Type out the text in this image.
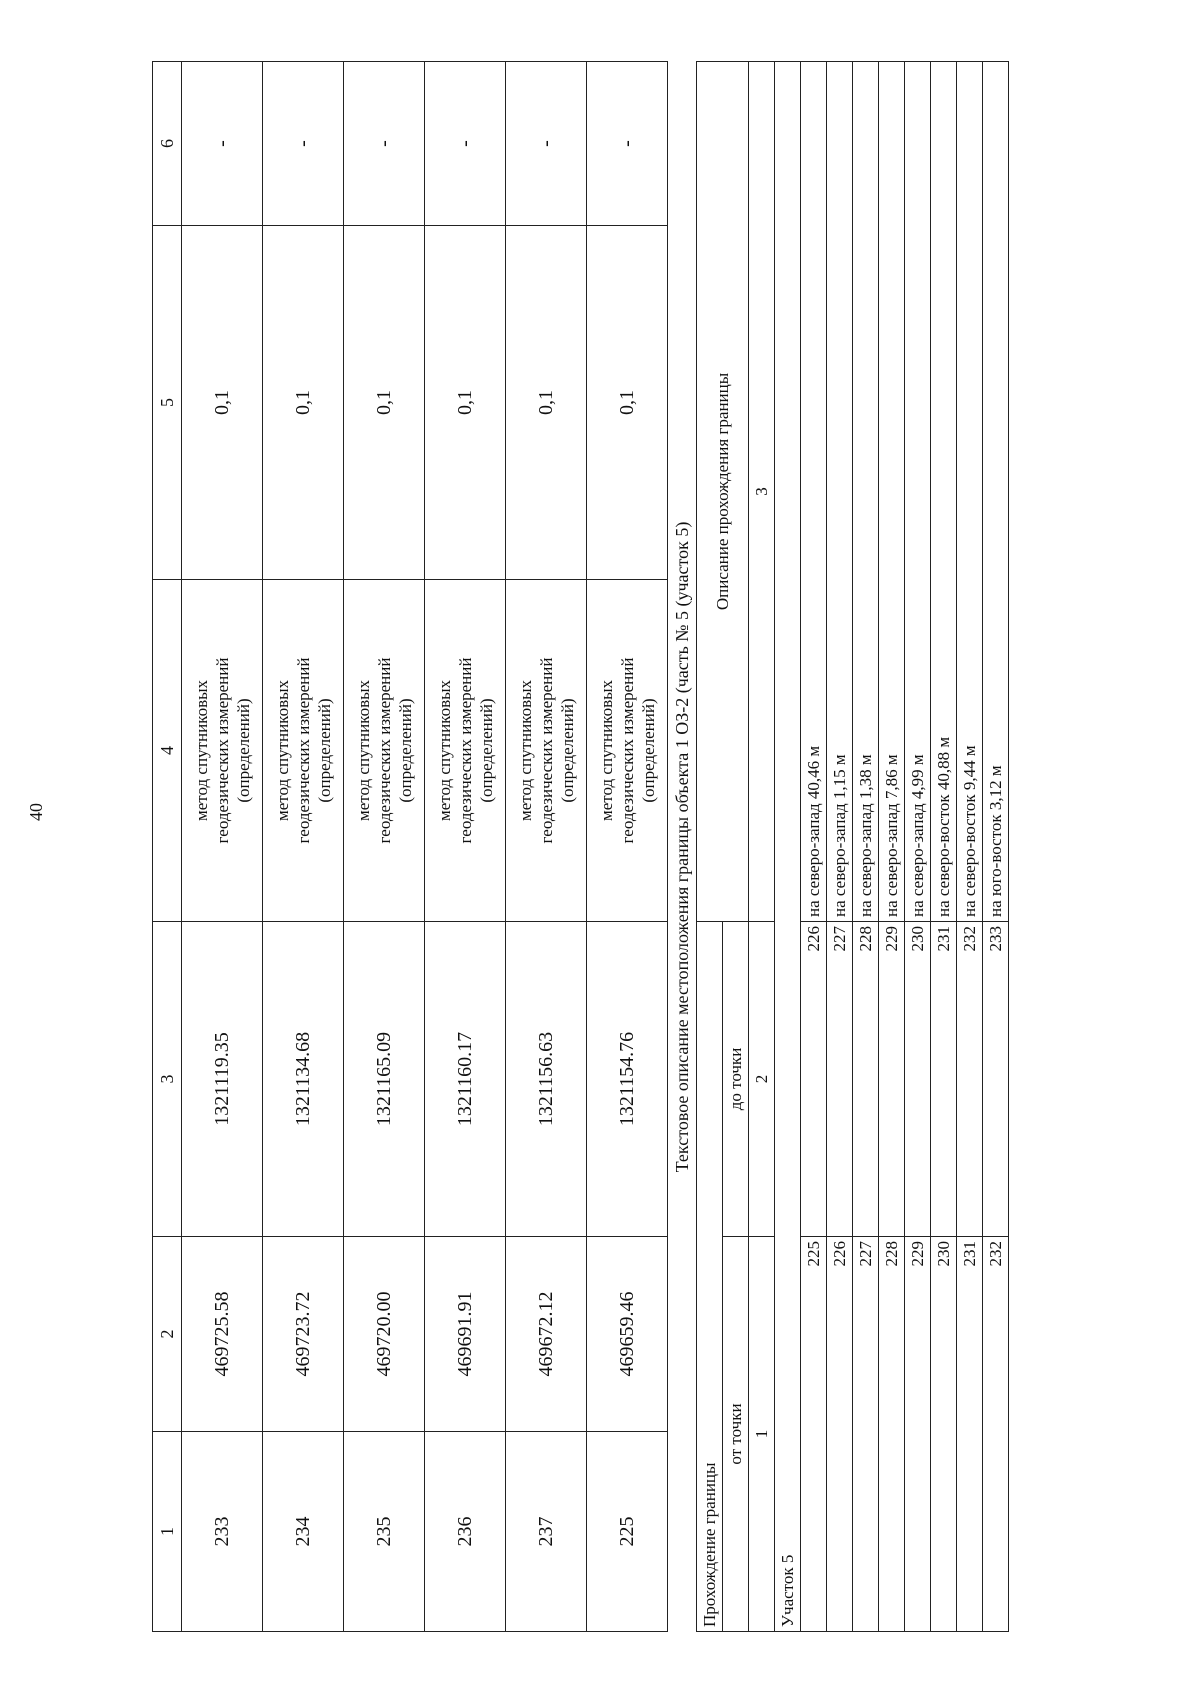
40
1	2	3	4	5	6
233	469725.58	1321119.35	метод спутниковых геодезических измерений (определений)	0,1	-
234	469723.72	1321134.68	метод спутниковых геодезических измерений (определений)	0,1	-
235	469720.00	1321165.09	метод спутниковых геодезических измерений (определений)	0,1	-
236	469691.91	1321160.17	метод спутниковых геодезических измерений (определений)	0,1	-
237	469672.12	1321156.63	метод спутниковых геодезических измерений (определений)	0,1	-
225	469659.46	1321154.76	метод спутниковых геодезических измерений (определений)	0,1	-
Текстовое описание местоположения границы объекта 1 ОЗ-2 (часть № 5 (участок 5)
Прохождение границы		Описание прохождения границы
от точки	до точки	
1	2	3
Участок 5		
225	226	на северо-запад 40,46 м
226	227	на северо-запад 1,15 м
227	228	на северо-запад 1,38 м
228	229	на северо-запад 7,86 м
229	230	на северо-запад 4,99 м
230	231	на северо-восток 40,88 м
231	232	на северо-восток 9,44 м
232	233	на юго-восток 3,12 м
